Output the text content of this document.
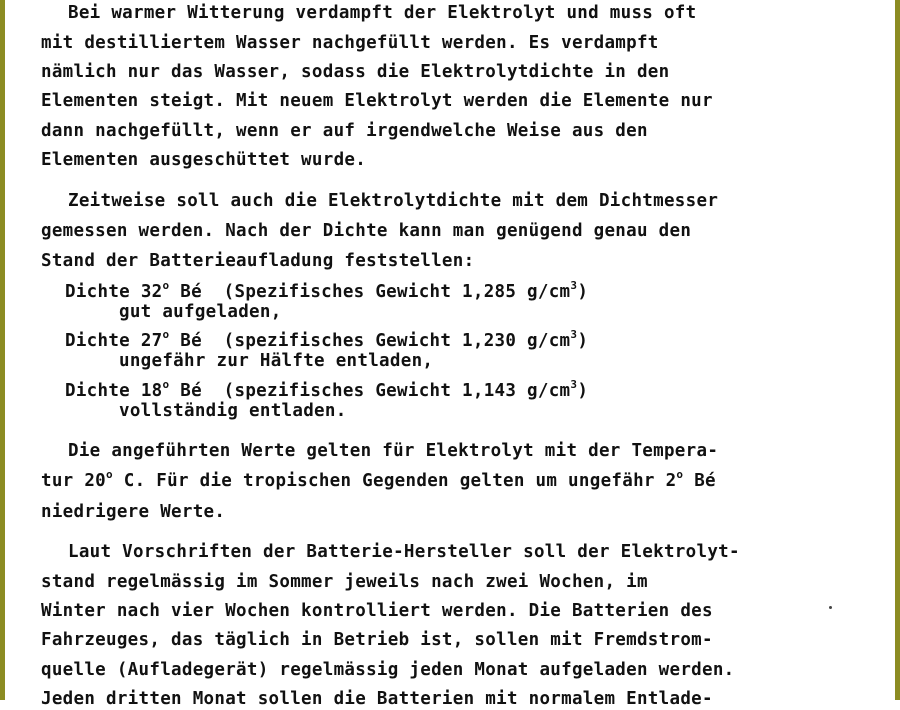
Bei warmer Witterung verdampft der Elektrolyt und muss oft
mit destilliertem Wasser nachgefüllt werden. Es verdampft
nämlich nur das Wasser, sodass die Elektrolytdichte in den
Elementen steigt. Mit neuem Elektrolyt werden die Elemente nur
dann nachgefüllt, wenn er auf irgendwelche Weise aus den
Elementen ausgeschüttet wurde.
Zeitweise soll auch die Elektrolytdichte mit dem Dichtmesser
gemessen werden. Nach der Dichte kann man genügend genau den
Stand der Batterieaufladung feststellen:
Dichte 32$^o$ Bé  (Spezifisches Gewicht 1,285 $g/cm^3$)
gut aufgeladen,
Dichte 27$^o$ Bé  (spezifisches Gewicht 1,230 $g/cm^3$)
ungefähr zur Hälfte entladen,
Dichte 18$^o$ Bé  (spezifisches Gewicht 1,143 $g/cm^3$)
vollständig entladen.
Die angeführten Werte gelten für Elektrolyt mit der Tempera-
tur 20$^o$ C. Für die tropischen Gegenden gelten um ungefähr 2$^o$ Bé
niedrigere Werte.
Laut Vorschriften der Batterie-Hersteller soll der Elektrolyt-
stand regelmässig im Sommer jeweils nach zwei Wochen, im
Winter nach vier Wochen kontrolliert werden. Die Batterien des
Fahrzeuges, das täglich in Betrieb ist, sollen mit Fremdstrom-
quelle (Aufladegerät) regelmässig jeden Monat aufgeladen werden.
Jeden dritten Monat sollen die Batterien mit normalem Entlade-
